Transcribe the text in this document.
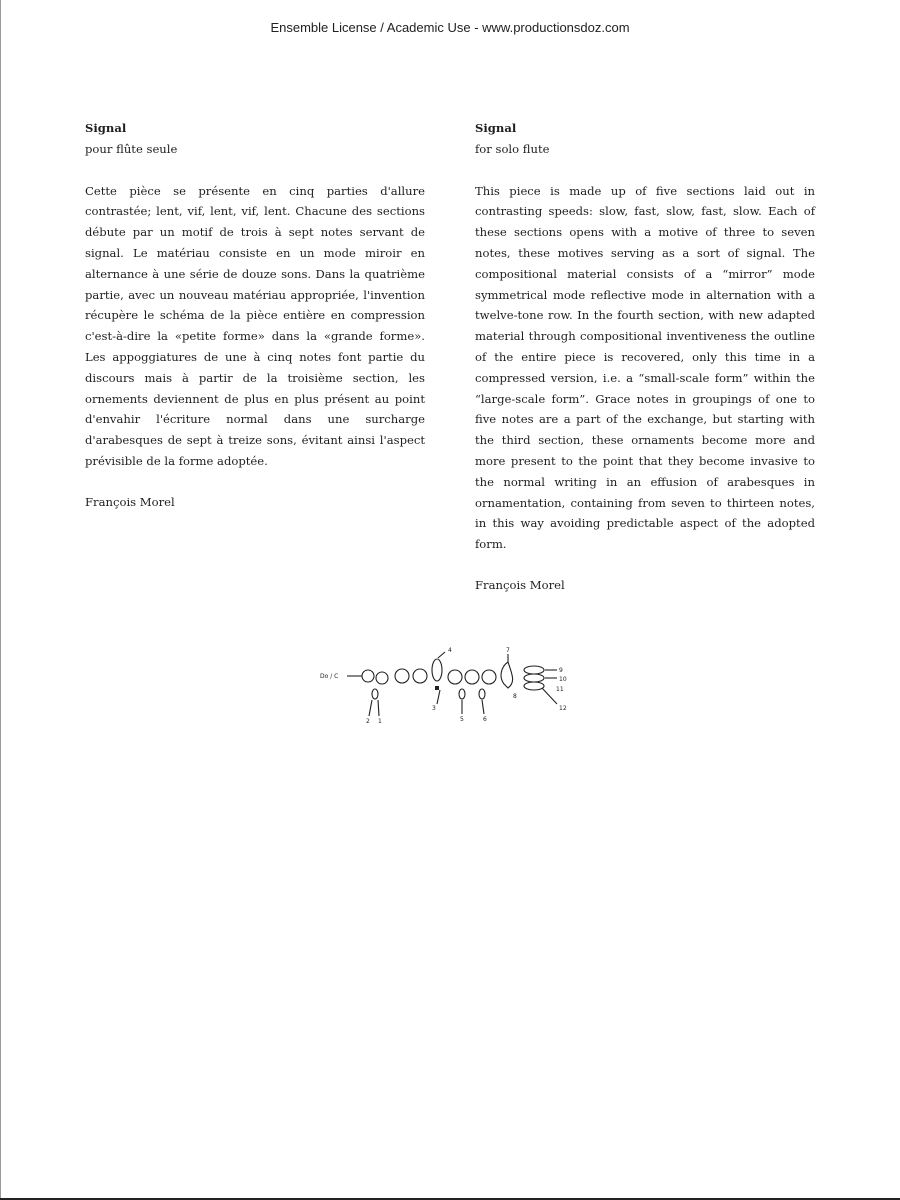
Ensemble License / Academic Use - www.productionsdoz.com

Signal

pour flûte seule

Cette pièce se présente en cinq parties d'allure contrastée; lent, vif, lent, vif, lent. Chacune des sections débute par un motif de trois à sept notes servant de signal. Le matériau consiste en un mode miroir en alternance à une série de douze sons. Dans la quatrième partie, avec un nouveau matériau appropriée, l'invention récupère le schéma de la pièce entière en compression c'est-à-dire la «petite forme» dans la «grande forme». Les appoggiatures de une à cinq notes font partie du discours mais à partir de la troisième section, les ornements deviennent de plus en plus présent au point d'envahir l'écriture normal dans une surcharge d'arabesques de sept à treize sons, évitant ainsi l'aspect prévisible de la forme adoptée.

François Morel

Signal

for solo flute

This piece is made up of five sections laid out in contrasting speeds: slow, fast, slow, fast, slow. Each of these sections opens with a motive of three to seven notes, these motives serving as a sort of signal. The compositional material consists of a “mirror” mode symmetrical mode reflective mode in alternation with a twelve-tone row. In the fourth section, with new adapted material through compositional inventiveness the outline of the entire piece is recovered, only this time in a compressed version, i.e. a “small-scale form” within the “large-scale form”. Grace notes in groupings of one to five notes are a part of the exchange, but starting with the third section, these ornaments become more and more present to the point that they become invasive to the normal writing in an effusion of arabesques in ornamentation, containing from seven to thirteen notes, in this way avoiding predictable aspect of the adopted form.

François Morel

Do / C
2 1
3
4
5	6
7
8
9
10
11
12
